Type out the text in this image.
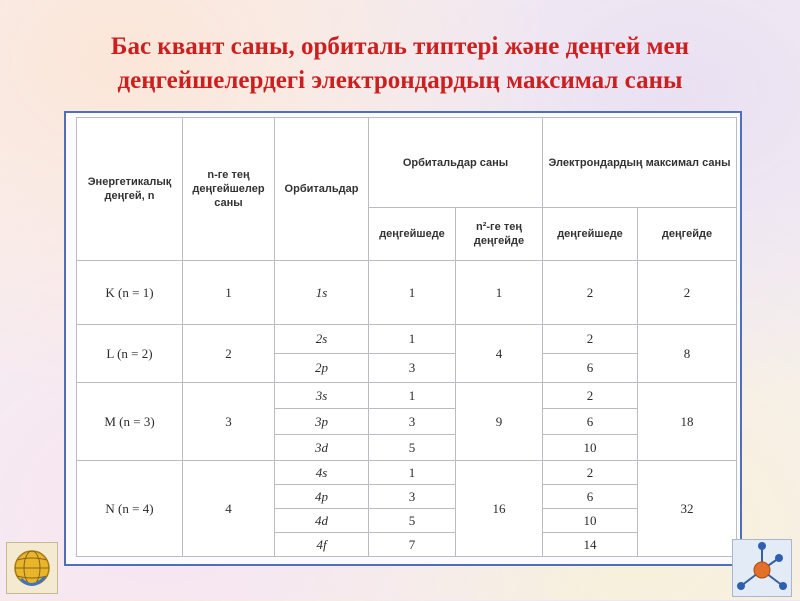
Бас квант саны, орбиталь типтері және деңгей мен
деңгейшелердегі электрондардың максимал саны
Энергетикалық деңгей, n	n-ге тең деңгейшелер саны	Орбитальдар	Орбитальдар саны		Электрондардың максимал саны	
			деңгейшеде	n²-ге тең деңгейде	деңгейшеде	деңгейде
K (n = 1)	1	1s	1	1	2	2
L (n = 2)	2	2s	1	4	2	8
		2p	3		6	
M (n = 3)	3	3s	1	9	2	18
		3p	3		6	
		3d	5		10	
N (n = 4)	4	4s	1	16	2	32
		4p	3		6	
		4d	5		10	
		4f	7		14	
